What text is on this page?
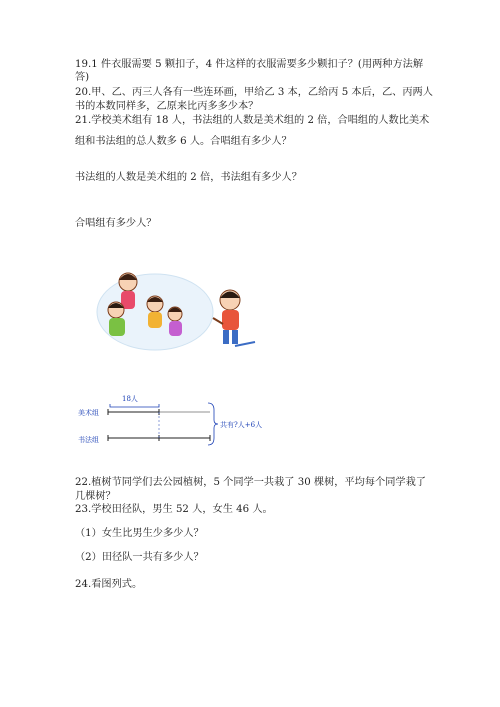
19.1 件衣服需要 5 颗扣子，4 件这样的衣服需要多少颗扣子？(用两种方法解
答)
20.甲、乙、丙三人各有一些连环画，甲给乙 3 本，乙给丙 5 本后，乙、丙两人
书的本数同样多，乙原来比丙多多少本？
21.学校美术组有 18 人，书法组的人数是美术组的 2 倍，合唱组的人数比美术
组和书法组的总人数多 6 人。合唱组有多少人？
书法组的人数是美术组的 2 倍，书法组有多少人？
合唱组有多少人？
18人
美术组
书法组
共有?人+6人
22.植树节同学们去公园植树，5 个同学一共栽了 30 棵树，平均每个同学栽了
几棵树？
23.学校田径队，男生 52 人，女生 46 人。
（1）女生比男生少多少人？
（2）田径队一共有多少人？
24.看图列式。
